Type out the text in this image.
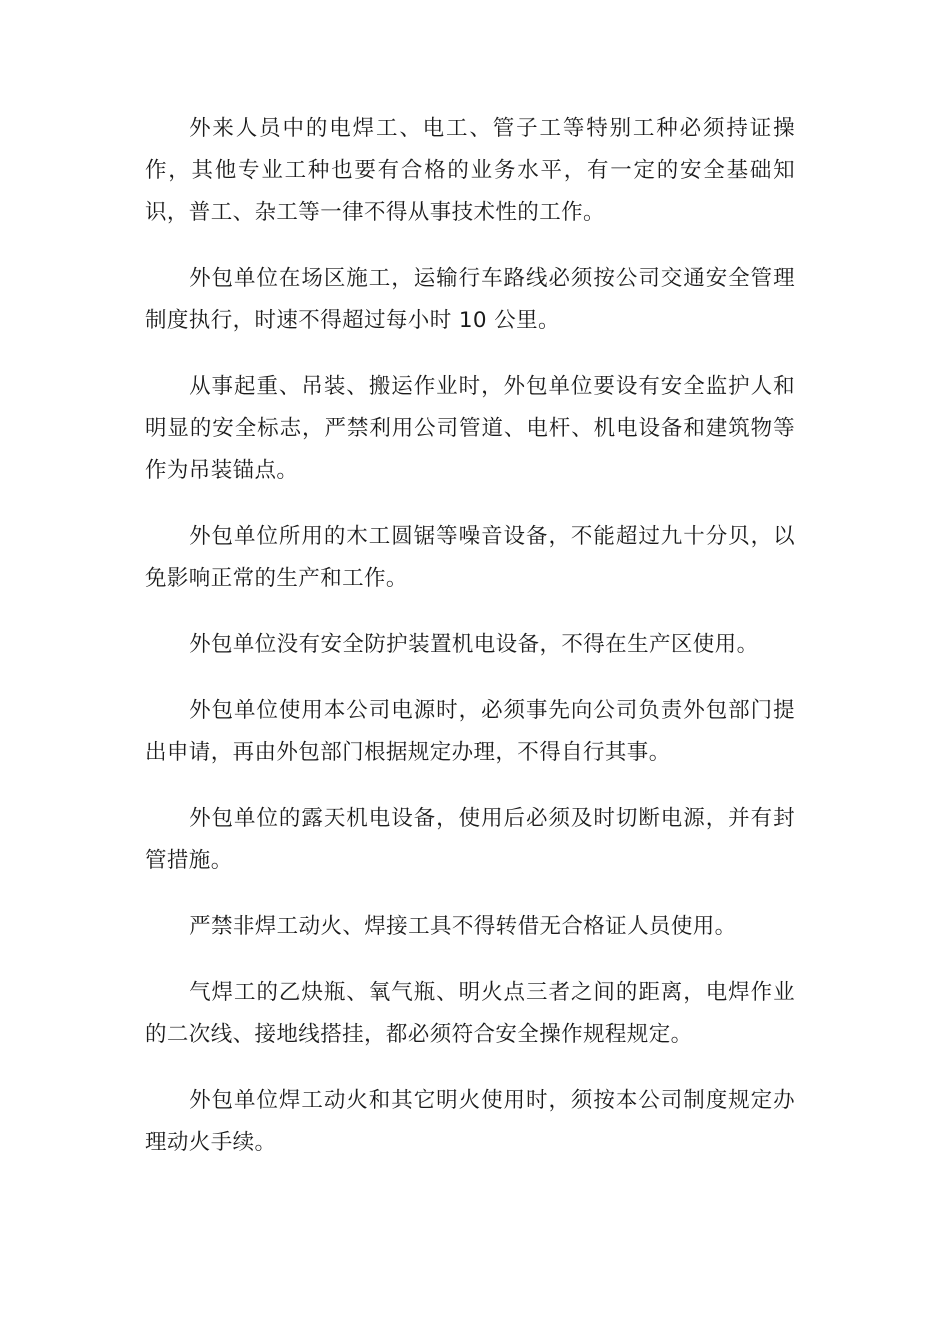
外来人员中的电焊工、电工、管子工等特别工种必须持证操作，其他专业工种也要有合格的业务水平，有一定的安全基础知识，普工、杂工等一律不得从事技术性的工作。

外包单位在场区施工，运输行车路线必须按公司交通安全管理制度执行，时速不得超过每小时 10 公里。

从事起重、吊装、搬运作业时，外包单位要设有安全监护人和明显的安全标志，严禁利用公司管道、电杆、机电设备和建筑物等作为吊装锚点。

外包单位所用的木工圆锯等噪音设备，不能超过九十分贝，以免影响正常的生产和工作。

外包单位没有安全防护装置机电设备，不得在生产区使用。

外包单位使用本公司电源时，必须事先向公司负责外包部门提出申请，再由外包部门根据规定办理，不得自行其事。

外包单位的露天机电设备，使用后必须及时切断电源，并有封管措施。

严禁非焊工动火、焊接工具不得转借无合格证人员使用。

气焊工的乙炔瓶、氧气瓶、明火点三者之间的距离，电焊作业的二次线、接地线搭挂，都必须符合安全操作规程规定。

外包单位焊工动火和其它明火使用时，须按本公司制度规定办理动火手续。
